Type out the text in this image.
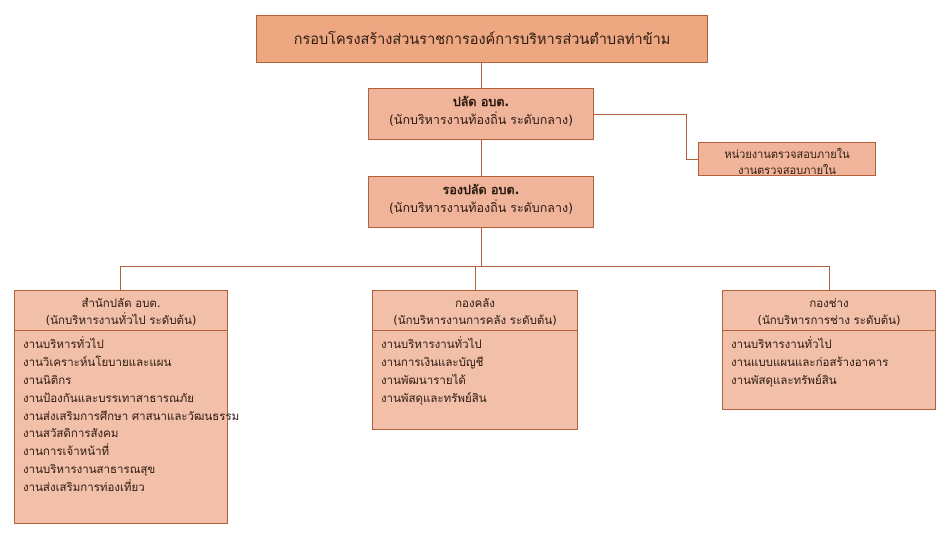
กรอบโครงสร้างส่วนราชการองค์การบริหารส่วนตำบลท่าข้าม
ปลัด อบต.
(นักบริหารงานท้องถิ่น ระดับกลาง)
รองปลัด อบต.
(นักบริหารงานท้องถิ่น ระดับกลาง)
หน่วยงานตรวจสอบภายใน
งานตรวจสอบภายใน
สำนักปลัด อบต.
(นักบริหารงานทั่วไป ระดับต้น)
งานบริหารทั่วไป
งานวิเคราะห์นโยบายและแผน
งานนิติกร
งานป้องกันและบรรเทาสาธารณภัย
งานส่งเสริมการศึกษา ศาสนาและวัฒนธรรม
งานสวัสดิการสังคม
งานการเจ้าหน้าที่
งานบริหารงานสาธารณสุข
งานส่งเสริมการท่องเที่ยว
กองคลัง
(นักบริหารงานการคลัง ระดับต้น)
งานบริหารงานทั่วไป
งานการเงินและบัญชี
งานพัฒนารายได้
งานพัสดุและทรัพย์สิน
กองช่าง
(นักบริหารการช่าง ระดับต้น)
งานบริหารงานทั่วไป
งานแบบแผนและก่อสร้างอาคาร
งานพัสดุและทรัพย์สิน
